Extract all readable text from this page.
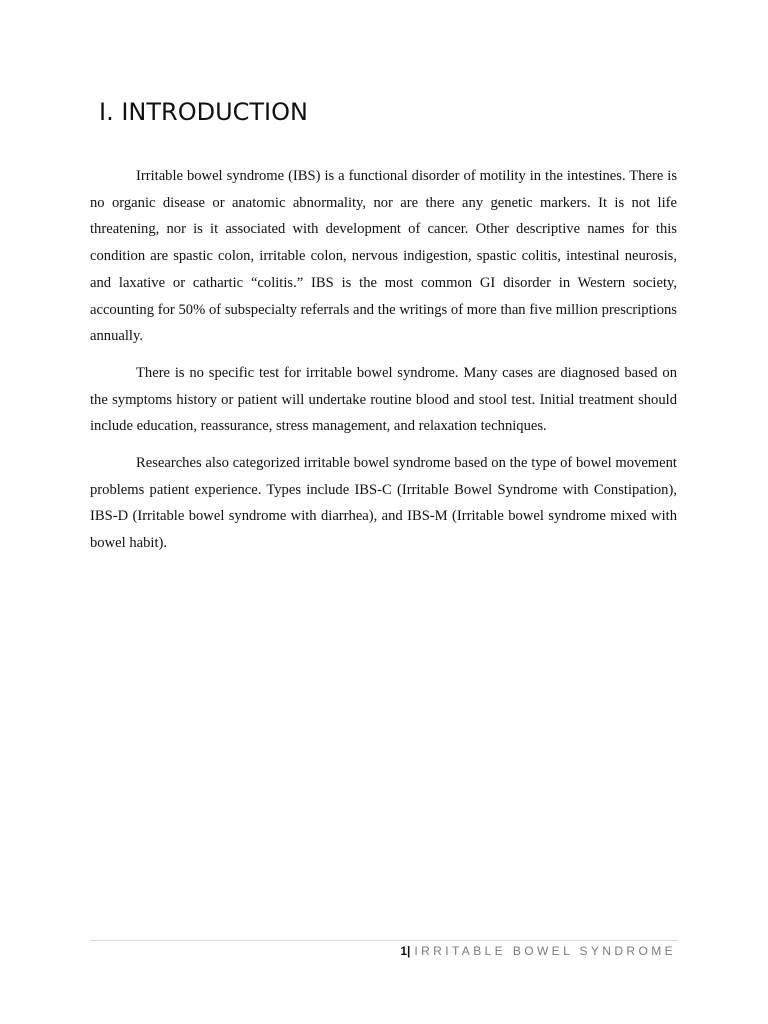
I. INTRODUCTION

Irritable bowel syndrome (IBS) is a functional disorder of motility in the intestines. There is no organic disease or anatomic abnormality, nor are there any genetic markers. It is not life threatening, nor is it associated with development of cancer. Other descriptive names for this condition are spastic colon, irritable colon, nervous indigestion, spastic colitis, intestinal neurosis, and laxative or cathartic “colitis.” IBS is the most common GI disorder in Western society, accounting for 50% of subspecialty referrals and the writings of more than five million prescriptions annually.

There is no specific test for irritable bowel syndrome. Many cases are diagnosed based on the symptoms history or patient will undertake routine blood and stool test. Initial treatment should include education, reassurance, stress management, and relaxation techniques.

Researches also categorized irritable bowel syndrome based on the type of bowel movement problems patient experience. Types include IBS-C (Irritable Bowel Syndrome with Constipation), IBS-D (Irritable bowel syndrome with diarrhea), and IBS-M (Irritable bowel syndrome mixed with bowel habit).

1| IRRITABLE BOWEL SYNDROME
